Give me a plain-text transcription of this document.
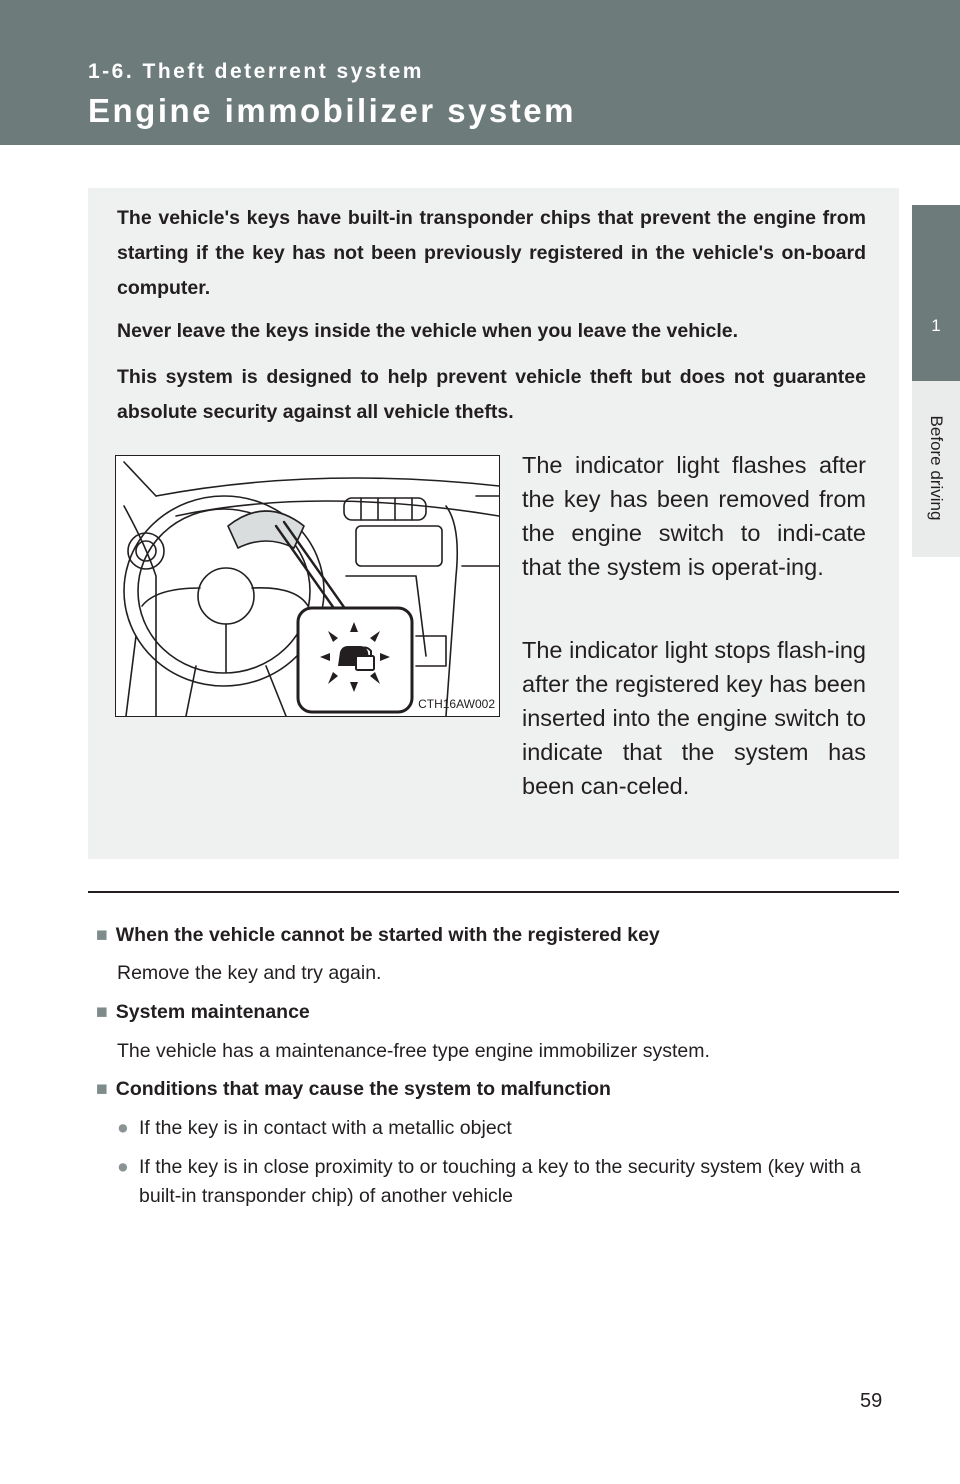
1-6. Theft deterrent system
Engine immobilizer system
1
Before driving

The vehicle's keys have built-in transponder chips that prevent the engine from starting if the key has not been previously registered in the vehicle's on-board computer.

Never leave the keys inside the vehicle when you leave the vehicle.

This system is designed to help prevent vehicle theft but does not guarantee absolute security against all vehicle thefts.

CTH16AW002

The indicator light flashes after the key has been removed from the engine switch to indi-cate that the system is operat-ing.

The indicator light stops flash-ing after the registered key has been inserted into the engine switch to indicate that the system has been can-celed.

■ When the vehicle cannot be started with the registered key
Remove the key and try again.
■ System maintenance
The vehicle has a maintenance-free type engine immobilizer system.
■ Conditions that may cause the system to malfunction
● If the key is in contact with a metallic object
● If the key is in close proximity to or touching a key to the security system (key with a built-in transponder chip) of another vehicle
59
